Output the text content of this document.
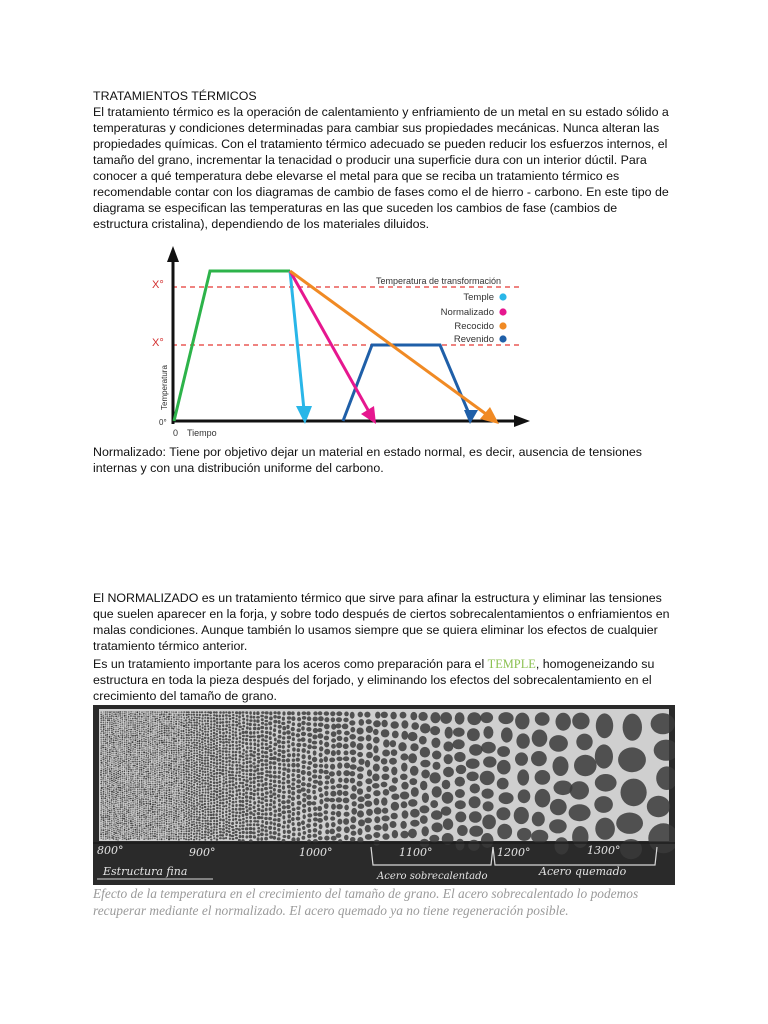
TRATAMIENTOS TÉRMICOS
El tratamiento térmico es la operación de calentamiento y enfriamiento de un metal en su estado sólido a temperaturas y condiciones determinadas para cambiar sus propiedades mecánicas. Nunca alteran las propiedades químicas. Con el tratamiento térmico adecuado se pueden reducir los esfuerzos internos, el tamaño del grano, incrementar la tenacidad o producir una superficie dura con un interior dúctil. Para conocer a qué temperatura debe elevarse el metal para que se reciba un tratamiento térmico es recomendable contar con los diagramas de cambio de fases como el de hierro - carbono. En este tipo de diagrama se especifican las temperaturas en las que suceden los cambios de fase (cambios de estructura cristalina), dependiendo de los materiales diluidos.
X°
X°
0°
0 Tiempo
Temperatura
Temperatura de transformación
Temple
Normalizado
Recocido
Revenido
Normalizado: Tiene por objetivo dejar un material en estado normal, es decir, ausencia de tensiones internas y con una distribución uniforme del carbono.
El NORMALIZADO es un tratamiento térmico que sirve para afinar la estructura y eliminar las tensiones que suelen aparecer en la forja, y sobre todo después de ciertos sobrecalentamientos o enfriamientos en malas condiciones. Aunque también lo usamos siempre que se quiera eliminar los efectos de cualquier tratamiento térmico anterior.
Es un tratamiento importante para los aceros como preparación para el TEMPLE, homogeneizando su estructura en toda la pieza después del forjado, y eliminando los efectos del sobrecalentamiento en el crecimiento del tamaño de grano.
800°	900°	1000°	1100°	1200°	1300°
Estructura fina	Acero sobrecalentado	Acero quemado
Efecto de la temperatura en el crecimiento del tamaño de grano. El acero sobrecalentado lo podemos recuperar mediante el normalizado. El acero quemado ya no tiene regeneración posible.
